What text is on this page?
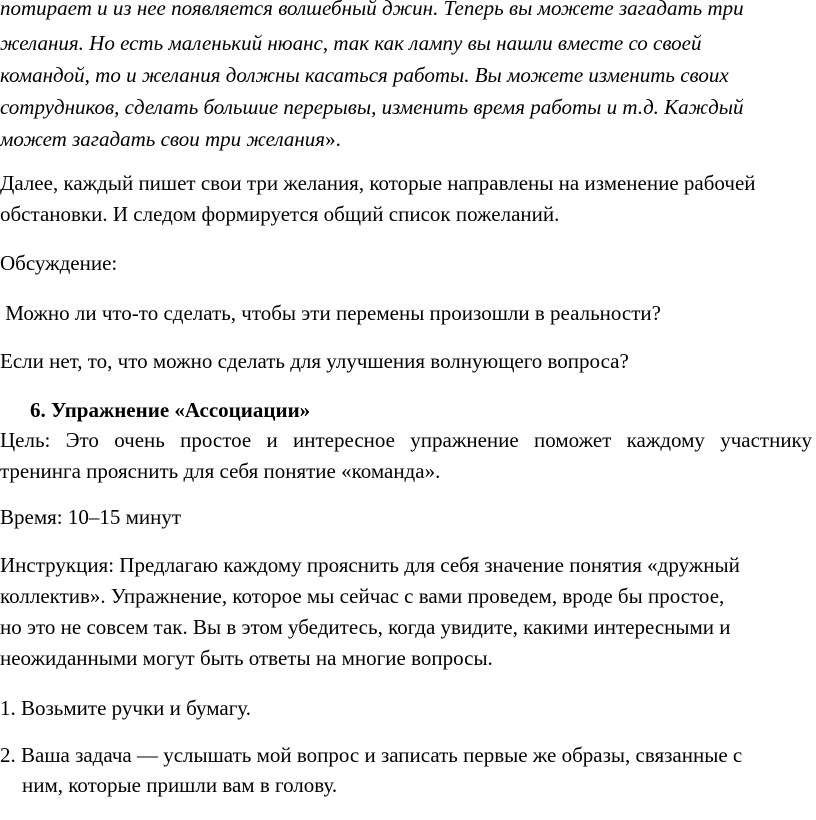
потирает и из нее появляется волшебный джин. Теперь вы можете загадать три
желания. Но есть маленький нюанс, так как лампу вы нашли вместе со своей
командой, то и желания должны касаться работы. Вы можете изменить своих
сотрудников, сделать большие перерывы, изменить время работы и т.д. Каждый
может загадать свои три желания».
Далее, каждый пишет свои три желания, которые направлены на изменение рабочей
обстановки. И следом формируется общий список пожеланий.
Обсуждение:
Можно ли что-то сделать, чтобы эти перемены произошли в реальности?
Если нет, то, что можно сделать для улучшения волнующего вопроса?
6. Упражнение «Ассоциации»
Цель: Это очень простое и интересное упражнение поможет каждому участнику
тренинга прояснить для себя понятие «команда».
Время: 10–15 минут
Инструкция: Предлагаю каждому прояснить для себя значение понятия «дружный
коллектив». Упражнение, которое мы сейчас с вами проведем, вроде бы простое,
но это не совсем так. Вы в этом убедитесь, когда увидите, какими интересными и
неожиданными могут быть ответы на многие вопросы.
1. Возьмите ручки и бумагу.
2. Ваша задача — услышать мой вопрос и записать первые же образы, связанные с
ним, которые пришли вам в голову.
